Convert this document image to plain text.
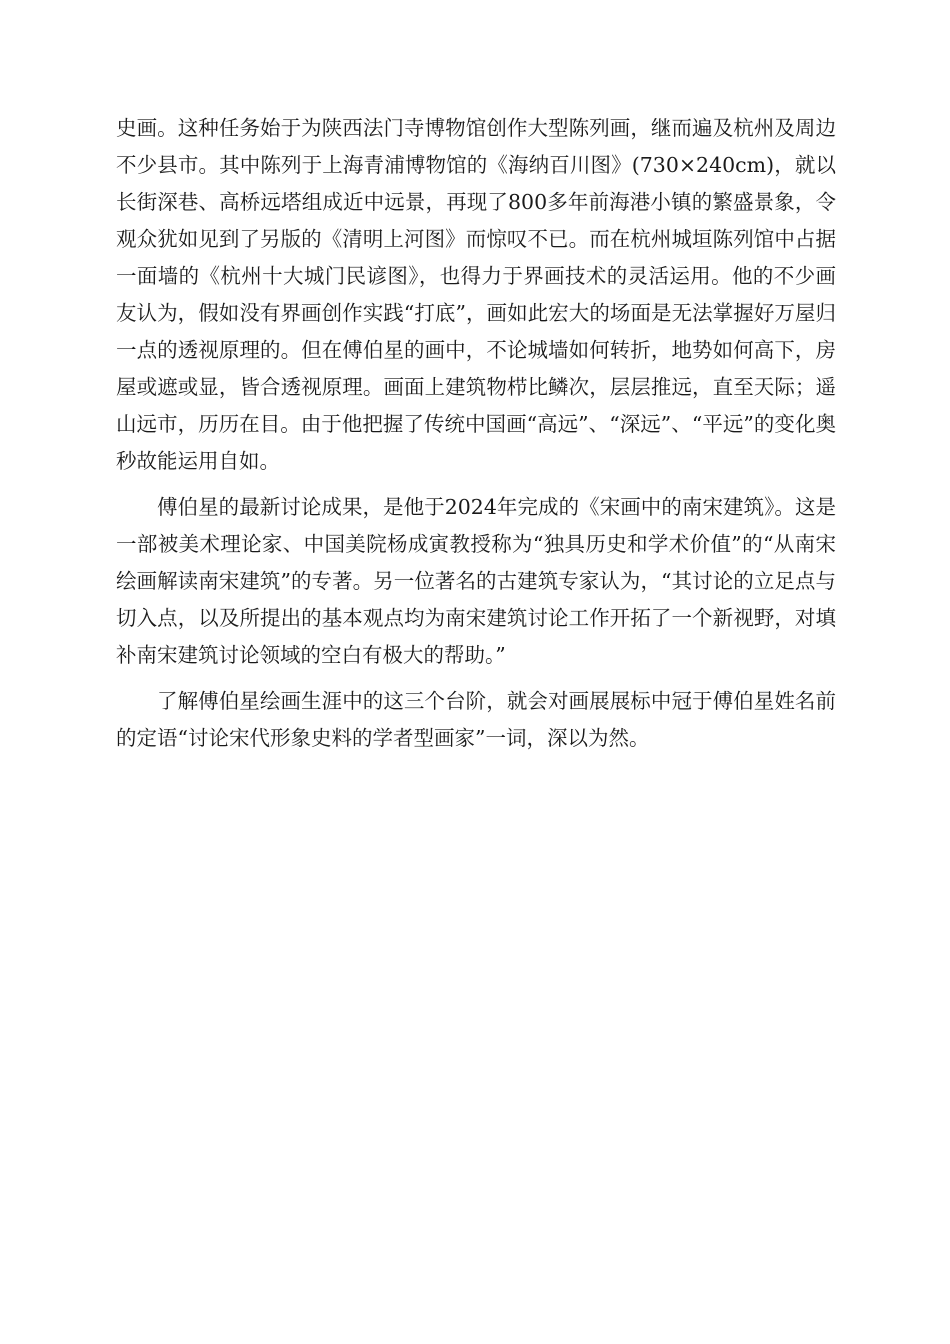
史画。这种任务始于为陕西法门寺博物馆创作大型陈列画，继而遍及杭州及周边不少县市。其中陈列于上海青浦博物馆的《海纳百川图》(730×240cm)，就以长街深巷、高桥远塔组成近中远景，再现了800多年前海港小镇的繁盛景象，令观众犹如见到了另版的《清明上河图》而惊叹不已。而在杭州城垣陈列馆中占据一面墙的《杭州十大城门民谚图》，也得力于界画技术的灵活运用。他的不少画友认为，假如没有界画创作实践“打底”，画如此宏大的场面是无法掌握好万屋归一点的透视原理的。但在傅伯星的画中，不论城墙如何转折，地势如何高下，房屋或遮或显，皆合透视原理。画面上建筑物栉比鳞次，层层推远，直至天际；遥山远市，历历在目。由于他把握了传统中国画“高远”、“深远”、“平远”的变化奥秒故能运用自如。

傅伯星的最新讨论成果，是他于2024年完成的《宋画中的南宋建筑》。这是一部被美术理论家、中国美院杨成寅教授称为“独具历史和学术价值”的“从南宋绘画解读南宋建筑”的专著。另一位著名的古建筑专家认为，“其讨论的立足点与切入点，以及所提出的基本观点均为南宋建筑讨论工作开拓了一个新视野，对填补南宋建筑讨论领域的空白有极大的帮助。”

了解傅伯星绘画生涯中的这三个台阶，就会对画展展标中冠于傅伯星姓名前的定语“讨论宋代形象史料的学者型画家”一词，深以为然。
